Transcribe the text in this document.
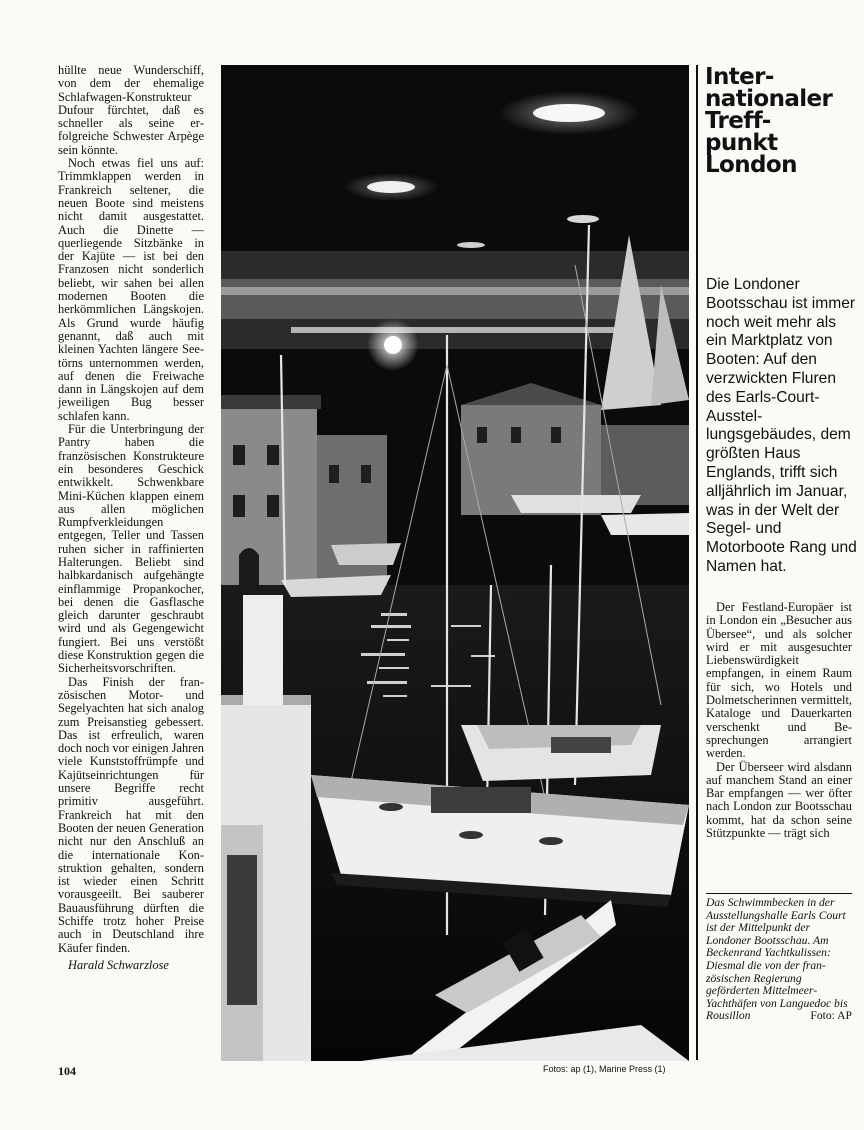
hüllte neue Wunderschiff, von dem der ehemalige Schlafwagen-Konstrukteur Dufour fürchtet, daß es schneller als seine erfolgreiche Schwester Arpège sein könnte.

Noch etwas fiel uns auf: Trimmklappen werden in Frankreich seltener, die neuen Boote sind meistens nicht damit ausgestattet. Auch die Dinette — querliegende Sitzbänke in der Kajüte — ist bei den Franzosen nicht sonderlich beliebt, wir sahen bei allen modernen Booten die herkömmlichen Längskojen. Als Grund wurde häufig genannt, daß auch mit kleinen Yachten längere Seetörns unternommen werden, auf denen die Freiwache dann in Längskojen auf dem jeweiligen Bug besser schlafen kann.

Für die Unterbringung der Pantry haben die französischen Konstrukteure ein besonderes Geschick entwikkelt. Schwenkbare Mini-Küchen klappen einem aus allen möglichen Rumpfverkleidungen entgegen, Teller und Tassen ruhen sicher in raffinierten Halterungen. Beliebt sind halbkardanisch aufgehängte einflammige Propankocher, bei denen die Gasflasche gleich darunter geschraubt wird und als Gegengewicht fungiert. Bei uns verstößt diese Konstruktion gegen die Sicherheitsvorschriften.

Das Finish der französischen Motor- und Segelyachten hat sich analog zum Preisanstieg gebessert. Das ist erfreulich, waren doch noch vor einigen Jahren viele Kunststoffrümpfe und Kajütseinrichtungen für unsere Begriffe recht primitiv ausgeführt. Frankreich hat mit den Booten der neuen Generation nicht nur den Anschluß an die internationale Konstruktion gehalten, sondern ist wieder einen Schritt vorausgeeilt. Bei sauberer Bauausführung dürften die Schiffe trotz hoher Preise auch in Deutschland ihre Käufer finden.

Harald Schwarzlose

Inter-
nationaler
Treff-
punkt
London
Die Londoner Bootsschau ist immer noch weit mehr als ein Marktplatz von Booten: Auf den verzwickten Fluren des Earls-Court-Ausstellungsgebäudes, dem größten Haus Englands, trifft sich alljährlich im Januar, was in der Welt der Segel- und Motorboote Rang und Namen hat.

Der Festland-Europäer ist in London ein „Besucher aus Übersee“, und als solcher wird er mit ausgesuchter Liebenswürdigkeit empfangen, in einem Raum für sich, wo Hotels und Dolmetscherinnen vermittelt, Kataloge und Dauerkarten verschenkt und Besprechungen arrangiert werden.

Der Überseer wird alsdann auf manchem Stand an einer Bar empfangen — wer öfter nach London zur Bootsschau kommt, hat da schon seine Stützpunkte — trägt sich

Das Schwimmbecken in der Ausstellungshalle Earls Court ist der Mittelpunkt der Londoner Bootsschau. Am Beckenrand Yachtkulissen: Diesmal die von der französischen Regierung geförderten Mittelmeer-Yachthäfen von Languedoc bis Rousillon	Foto: AP
104	Fotos: ap (1), Marine Press (1)
